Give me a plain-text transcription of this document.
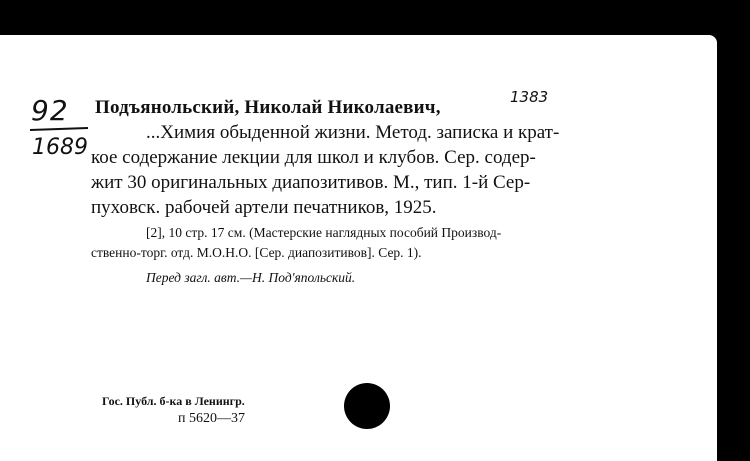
92
1689
1383
Подъянольский, Николай Николаевич,
...Химия обыденной жизни. Метод. записка и крат-
кое содержание лекции для школ и клубов. Сер. содер-
жит 30 оригинальных диапозитивов. М., тип. 1-й Сер-
пуховск. рабочей артели печатников, 1925.
[2], 10 стр. 17 см. (Мастерские наглядных пособий Производ-
ственно-торг. отд. М.О.Н.О. [Сер. диапозитивов]. Сер. 1).
Перед загл. авт.—Н. Под'япольский.
Гос. Публ. б-ка в Ленингр.
п 5620—37
